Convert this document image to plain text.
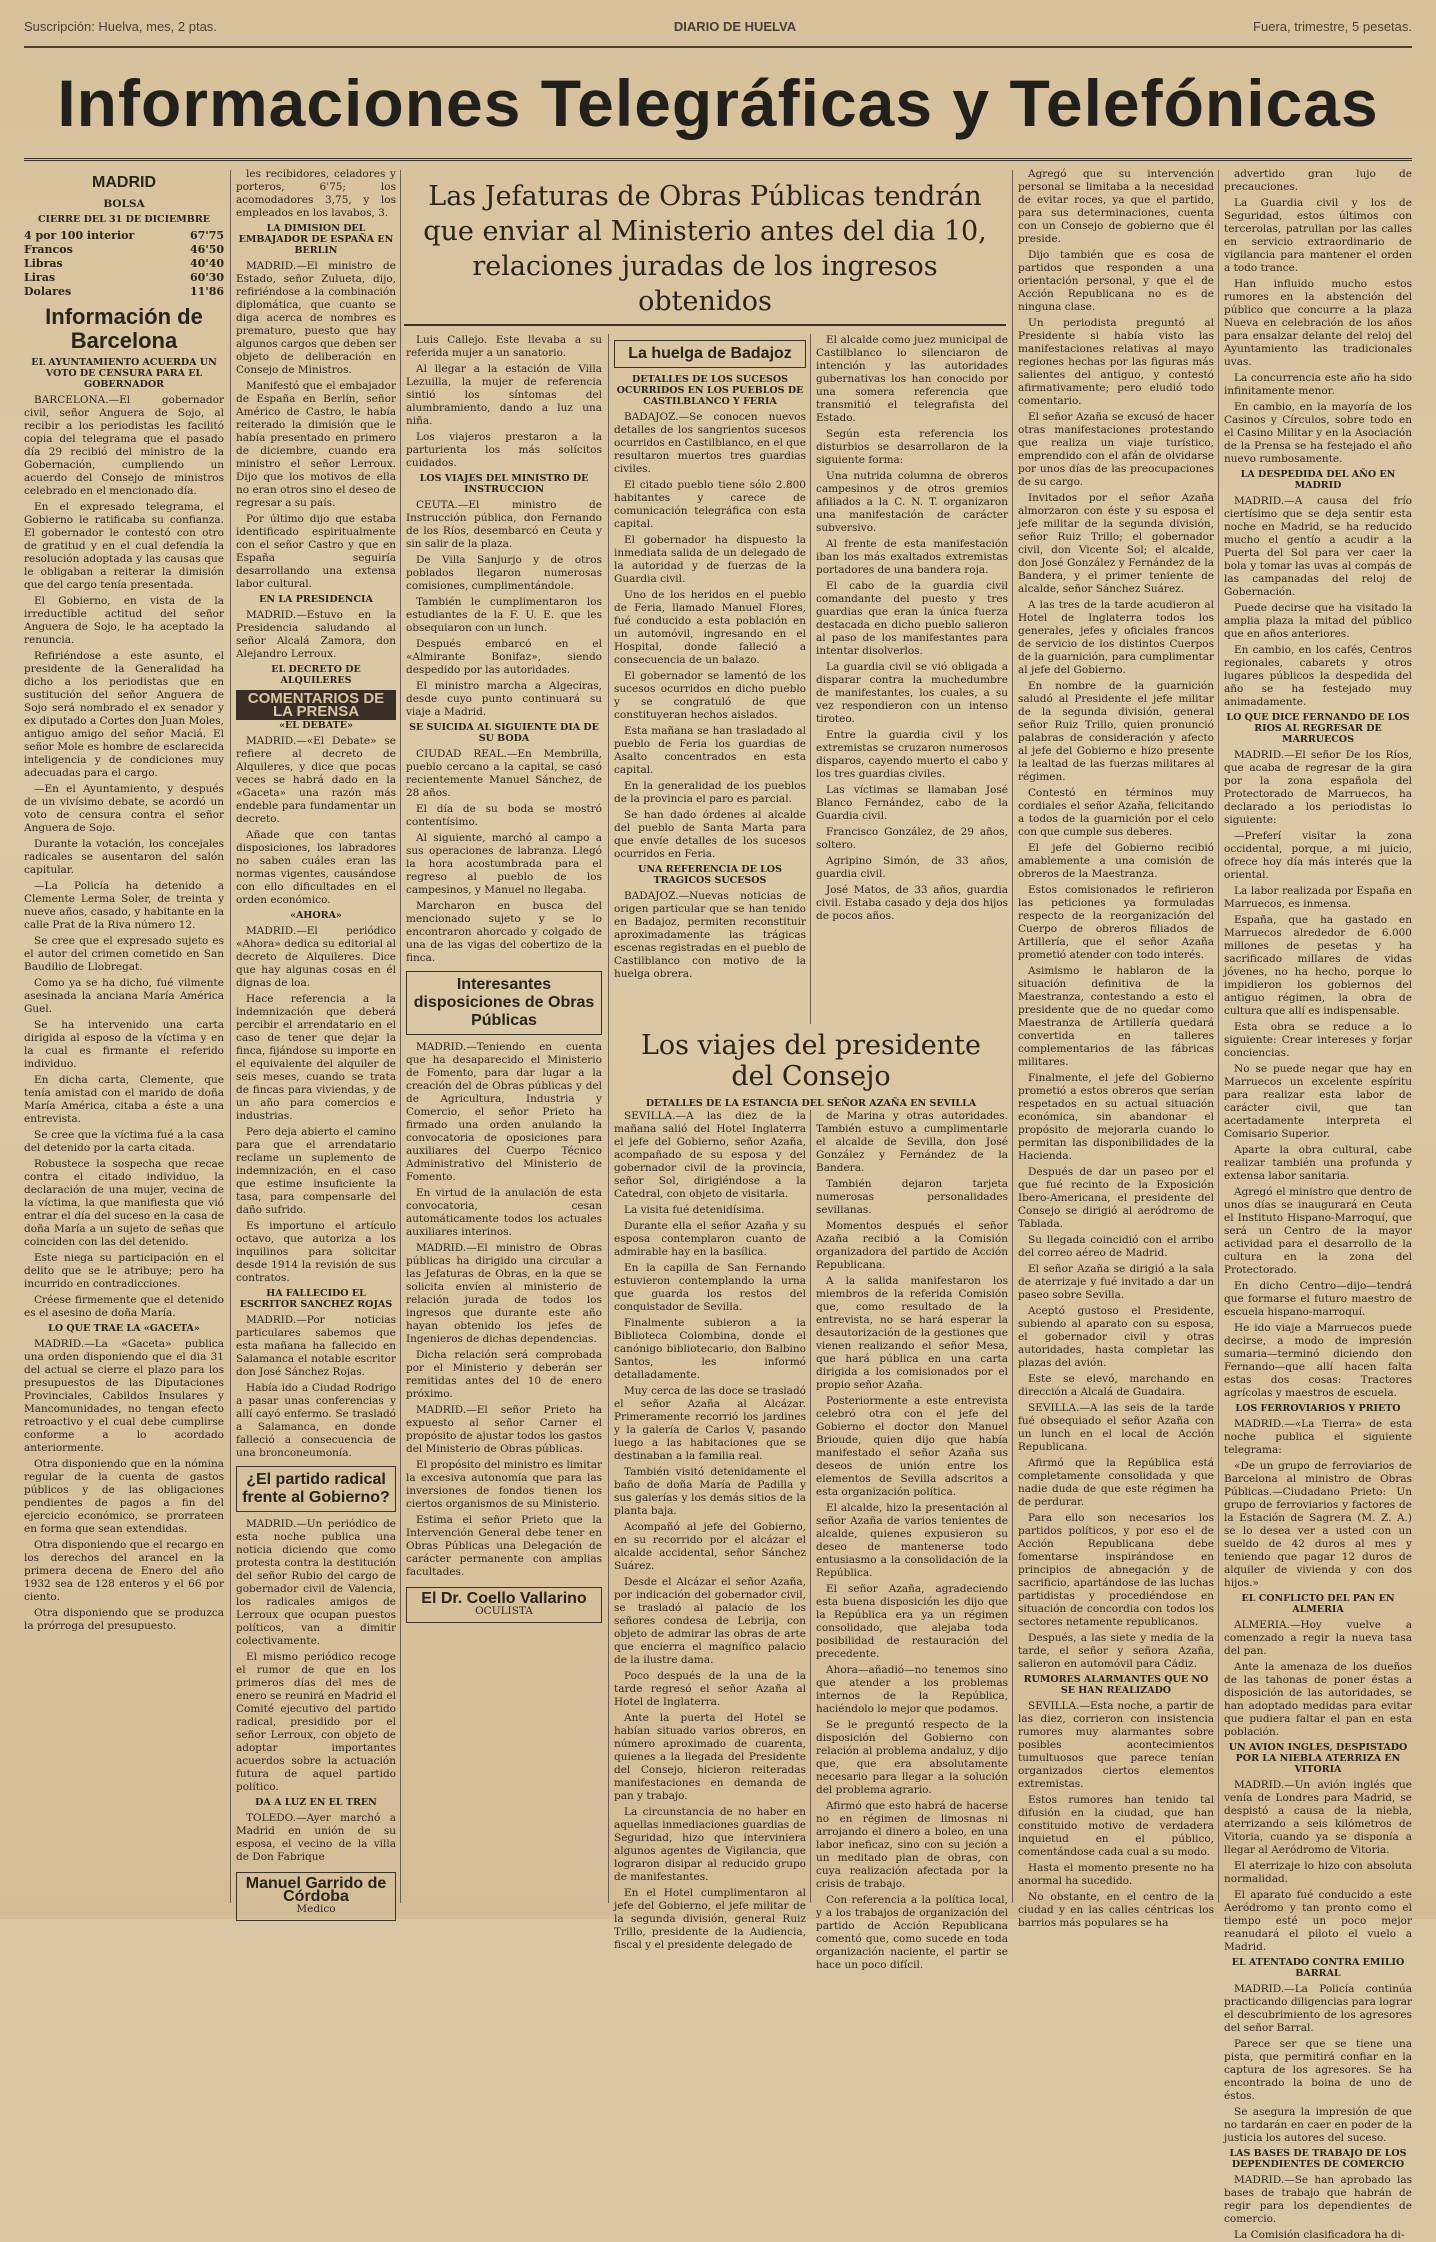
Suscripción: Huelva, mes, 2 ptas.	DIARIO DE HUELVA	Fuera, trimestre, 5 pesetas.
Informaciones Telegráficas y Telefónicas
MADRID
BOLSA
CIERRE DEL 31 DE DICIEMBRE
4 por 100 interior	67'75
Francos	46'50
Libras	40'40
Liras	60'30
Dolares	11'86
Información de Barcelona
EL AYUNTAMIENTO ACUERDA UN VOTO DE CENSURA PARA EL GOBERNADOR

BARCELONA.—El gobernador civil, señor Anguera de Sojo, al recibir a los periodistas les facilitó copia del telegrama que el pasado día 29 recibió del ministro de la Gobernación, cumpliendo un acuerdo del Consejo de ministros celebrado en el mencionado día.

En el expresado telegrama, el Gobierno le ratificaba su confianza. El gobernador le contestó con otro de gratitud y en el cual defendía la resolución adoptada y las causas que le obligaban a reiterar la dimisión que del cargo tenía presentada.

El Gobierno, en vista de la irreductible actitud del señor Anguera de Sojo, le ha aceptado la renuncia.

Refiriéndose a este asunto, el presidente de la Generalidad ha dicho a los periodistas que en sustitución del señor Anguera de Sojo será nombrado el ex senador y ex diputado a Cortes don Juan Moles, antiguo amigo del señor Maciá. El señor Mole es hombre de esclarecida inteligencia y de condiciones muy adecuadas para el cargo.

—En el Ayuntamiento, y después de un vivísimo debate, se acordó un voto de censura contra el señor Anguera de Sojo.

Durante la votación, los concejales radicales se ausentaron del salón capitular.

—La Policía ha detenido a Clemente Lerma Soler, de treinta y nueve años, casado, y habitante en la calle Prat de la Riva número 12.

Se cree que el expresado sujeto es el autor del crimen cometido en San Baudilio de Llobregat.

Como ya se ha dicho, fué vilmente asesinada la anciana María América Guel.

Se ha intervenido una carta dirigida al esposo de la víctima y en la cual es firmante el referido individuo.

En dicha carta, Clemente, que tenía amistad con el marido de doña María América, citaba a éste a una entrevista.

Se cree que la víctima fué a la casa del detenido por la carta citada.

Robustece la sospecha que recae contra el citado individuo, la declaración de una mujer, vecina de la víctima, la que manifiesta que vió entrar el día del suceso en la casa de doña María a un sujeto de señas que coinciden con las del detenido.

Este niega su participación en el delito que se le atribuye; pero ha incurrido en contradicciones.

Créese firmemente que el detenido es el asesino de doña María.

LO QUE TRAE LA «GACETA»

MADRID.—La «Gaceta» publica una orden disponiendo que el dia 31 del actual se cierre el plazo para los presupuestos de las Diputaciones Provinciales, Cabildos Insulares y Mancomunidades, no tengan efecto retroactivo y el cual debe cumplirse conforme a lo acordado anteriormente.

Otra disponiendo que en la nómina regular de la cuenta de gastos públicos y de las obligaciones pendientes de pagos a fin del ejercicio económico, se prorrateen en forma que sean extendidas.

Otra disponiendo que el recargo en los derechos del arancel en la primera decena de Enero del año 1932 sea de 128 enteros y el 66 por ciento.

Otra disponiendo que se produzca la prórroga del presupuesto.

les recibidores, celadores y porteros, 6'75; los acomodadores 3,75, y los empleados en los lavabos, 3.

LA DIMISION DEL EMBAJADOR DE ESPAÑA EN BERLIN

MADRID.—El ministro de Estado, señor Zulueta, dijo, refiriéndose a la combinación diplomática, que cuanto se diga acerca de nombres es prematuro, puesto que hay algunos cargos que deben ser objeto de deliberación en Consejo de Ministros.

Manifestó que el embajador de España en Berlín, señor Américo de Castro, le había reiterado la dimisión que le había presentado en primero de diciembre, cuando era ministro el señor Lerroux. Dijo que los motivos de ella no eran otros sino el deseo de regresar a su país.

Por último dijo que estaba identificado espiritualmente con el señor Castro y que en España seguiría desarrollando una extensa labor cultural.

EN LA PRESIDENCIA

MADRID.—Estuvo en la Presidencia saludando al señor Alcalá Zamora, don Alejandro Lerroux.

EL DECRETO DE ALQUILERES
COMENTARIOS DE LA PRENSA
«EL DEBATE»

MADRID.—«El Debate» se refiere al decreto de Alquileres, y dice que pocas veces se habrá dado en la «Gaceta» una razón más endeble para fundamentar un decreto.

Añade que con tantas disposiciones, los labradores no saben cuáles eran las normas vigentes, causándose con ello dificultades en el orden económico.

«AHORA»

MADRID.—El periódico «Ahora» dedica su editorial al decreto de Alquileres. Dice que hay algunas cosas en él dignas de loa.

Hace referencia a la indemnización que deberá percibir el arrendatario en el caso de tener que dejar la finca, fijándose su importe en el equivalente del alquiler de seis meses, cuando se trata de fincas para viviendas, y de un año para comercios e industrias.

Pero deja abierto el camino para que el arrendatario reclame un suplemento de indemnización, en el caso que estime insuficiente la tasa, para compensarle del daño sufrido.

Es importuno el artículo octavo, que autoriza a los inquilinos para solicitar desde 1914 la revisión de sus contratos.

HA FALLECIDO EL ESCRITOR SANCHEZ ROJAS

MADRID.—Por noticias particulares sabemos que esta mañana ha fallecido en Salamanca el notable escritor don José Sánchez Rojas.

Había ido a Ciudad Rodrigo a pasar unas conferencias y allí cayó enfermo. Se trasladó a Salamanca, en donde falleció a consecuencia de una bronconeumonía.

¿El partido radical frente al Gobierno?

MADRID.—Un periódico de esta noche publica una noticia diciendo que como protesta contra la destitución del señor Rubio del cargo de gobernador civil de Valencia, los radicales amigos de Lerroux que ocupan puestos políticos, van a dimitir colectivamente.

El mismo periódico recoge el rumor de que en los primeros días del mes de enero se reunirá en Madrid el Comité ejecutivo del partido radical, presidido por el señor Lerroux, con objeto de adoptar importantes acuerdos sobre la actuación futura de aquel partido político.

DA A LUZ EN EL TREN

TOLEDO.—Ayer marchó a Madrid en unión de su esposa, el vecino de la villa de Don Fabrique

Manuel Garrido de Córdoba
Medico
Las Jefaturas de Obras Públicas tendrán que enviar al Ministerio antes del dia 10, relaciones juradas de los ingresos obtenidos

Luis Callejo. Este llevaba a su referida mujer a un sanatorio.

Al llegar a la estación de Villa Lezuilla, la mujer de referencia sintió los síntomas del alumbramiento, dando a luz una niña.

Los viajeros prestaron a la parturienta los más solícitos cuidados.

LOS VIAJES DEL MINISTRO DE INSTRUCCION

CEUTA.—El ministro de Instrucción pública, don Fernando de los Ríos, desembarcó en Ceuta y sin salir de la plaza.

De Villa Sanjurjo y de otros poblados llegaron numerosas comisiones, cumplimentándole.

También le cumplimentaron los estudiantes de la F. U. E. que les obsequiaron con un lunch.

Después embarcó en el «Almirante Bonifaz», siendo despedido por las autoridades.

El ministro marcha a Algeciras, desde cuyo punto continuará su viaje a Madrid.

SE SUICIDA AL SIGUIENTE DIA DE SU BODA

CIUDAD REAL.—En Membrilla, pueblo cercano a la capital, se casó recientemente Manuel Sánchez, de 28 años.

El día de su boda se mostró contentísimo.

Al siguiente, marchó al campo a sus operaciones de labranza. Llegó la hora acostumbrada para el regreso al pueblo de los campesinos, y Manuel no llegaba.

Marcharon en busca del mencionado sujeto y se lo encontraron ahorcado y colgado de una de las vigas del cobertizo de la finca.

Interesantes disposiciones de Obras Públicas

MADRID.—Teniendo en cuenta que ha desaparecido el Ministerio de Fomento, para dar lugar a la creación del de Obras públicas y del de Agricultura, Industria y Comercio, el señor Prieto ha firmado una orden anulando la convocatoria de oposiciones para auxiliares del Cuerpo Técnico Administrativo del Ministerio de Fomento.

En virtud de la anulación de esta convocatoria, cesan automáticamente todos los actuales auxiliares interinos.

MADRID.—El ministro de Obras públicas ha dirigido una circular a las Jefaturas de Obras, en la que se solicita envíen al ministerio de relación jurada de todos los ingresos que durante este año hayan obtenido los jefes de Ingenieros de dichas dependencias.

Dicha relación será comprobada por el Ministerio y deberán ser remitidas antes del 10 de enero próximo.

MADRID.—El señor Prieto ha expuesto al señor Carner el propósito de ajustar todos los gastos del Ministerio de Obras públicas.

El propósito del ministro es limitar la excesiva autonomía que para las inversiones de fondos tienen los ciertos organismos de su Ministerio.

Estima el señor Prieto que la Intervención General debe tener en Obras Públicas una Delegación de carácter permanente con amplias facultades.

El Dr. Coello Vallarino
OCULISTA
La huelga de Badajoz
DETALLES DE LOS SUCESOS OCURRIDOS EN LOS PUEBLOS DE CASTILBLANCO Y FERIA

BADAJOZ.—Se conocen nuevos detalles de los sangrientos sucesos ocurridos en Castilblanco, en el que resultaron muertos tres guardias civiles.

El citado pueblo tiene sólo 2.800 habitantes y carece de comunicación telegráfica con esta capital.

El gobernador ha dispuesto la inmediata salida de un delegado de la autoridad y de fuerzas de la Guardia civil.

Uno de los heridos en el pueblo de Feria, llamado Manuel Flores, fué conducido a esta población en un automóvil, ingresando en el Hospital, donde falleció a consecuencia de un balazo.

El gobernador se lamentó de los sucesos ocurridos en dicho pueblo y se congratuló de que constituyeran hechos aislados.

Esta mañana se han trasladado al pueblo de Feria los guardias de Asalto concentrados en esta capital.

En la generalidad de los pueblos de la provincia el paro es parcial.

Se han dado órdenes al alcalde del pueblo de Santa Marta para que envíe detalles de los sucesos ocurridos en Feria.

UNA REFERENCIA DE LOS TRAGICOS SUCESOS

BADAJOZ.—Nuevas noticias de origen particular que se han tenido en Badajoz, permiten reconstituir aproximadamente las trágicas escenas registradas en el pueblo de Castilblanco con motivo de la huelga obrera.

El alcalde como juez municipal de Castilblanco lo silenciaron de intención y las autoridades gubernativas los han conocido por una somera referencia que transmitió el telegrafista del Estado.

Según esta referencia los disturbios se desarrollaron de la siguiente forma:

Una nutrida columna de obreros campesinos y de otros gremios afiliados a la C. N. T. organizaron una manifestación de carácter subversivo.

Al frente de esta manifestación iban los más exaltados extremistas portadores de una bandera roja.

El cabo de la guardia civil comandante del puesto y tres guardias que eran la única fuerza destacada en dicho pueblo salieron al paso de los manifestantes para intentar disolverlos.

La guardia civil se vió obligada a disparar contra la muchedumbre de manifestantes, los cuales, a su vez respondieron con un intenso tiroteo.

Entre la guardia civil y los extremistas se cruzaron numerosos disparos, cayendo muerto el cabo y los tres guardias civiles.

Las víctimas se llamaban José Blanco Fernández, cabo de la Guardia civil.

Francisco González, de 29 años, soltero.

Agripino Simón, de 33 años, guardia civil.

José Matos, de 33 años, guardia civil. Estaba casado y deja dos hijos de pocos años.

Los viajes del presidente del Consejo
DETALLES DE LA ESTANCIA DEL SEÑOR AZAÑA EN SEVILLA

SEVILLA.—A las diez de la mañana salió del Hotel Inglaterra el jefe del Gobierno, señor Azaña, acompañado de su esposa y del gobernador civil de la provincia, señor Sol, dirigiéndose a la Catedral, con objeto de visitarla.

La visita fué detenidísima.

Durante ella el señor Azaña y su esposa contemplaron cuanto de admirable hay en la basílica.

En la capilla de San Fernando estuvieron contemplando la urna que guarda los restos del conquistador de Sevilla.

Finalmente subieron a la Biblioteca Colombina, donde el canónigo bibliotecario, don Balbino Santos, les informó detalladamente.

Muy cerca de las doce se trasladó el señor Azaña al Alcázar. Primeramente recorrió los jardines y la galería de Carlos V, pasando luego a las habitaciones que se destinaban a la familia real.

También visitó detenidamente el baño de doña María de Padilla y sus galerías y los demás sitios de la planta baja.

Acompañó al jefe del Gobierno, en su recorrido por el alcázar el alcalde accidental, señor Sánchez Suárez.

Desde el Alcázar el señor Azaña, por indicación del gobernador civil, se trasladó al palacio de los señores condesa de Lebrija, con objeto de admirar las obras de arte que encierra el magnífico palacio de la ilustre dama.

Poco después de la una de la tarde regresó el señor Azaña al Hotel de Inglaterra.

Ante la puerta del Hotel se habían situado varios obreros, en número aproximado de cuarenta, quienes a la llegada del Presidente del Consejo, hicieron reiteradas manifestaciones en demanda de pan y trabajo.

La circunstancia de no haber en aquellas inmediaciones guardias de Seguridad, hizo que interviniera algunos agentes de Vigilancia, que lograron disipar al reducido grupo de manifestantes.

En el Hotel cumplimentaron al jefe del Gobierno, el jefe militar de la segunda división, general Ruiz Trillo, presidente de la Audiencia, fiscal y el presidente delegado de

de Marina y otras autoridades. También estuvo a cumplimentarle el alcalde de Sevilla, don José González y Fernández de la Bandera.

También dejaron tarjeta numerosas personalidades sevillanas.

Momentos después el señor Azaña recibió a la Comisión organizadora del partido de Acción Republicana.

A la salida manifestaron los miembros de la referida Comisión que, como resultado de la entrevista, no se hará esperar la desautorización de la gestiones que vienen realizando el señor Mesa, que hará pública en una carta dirigida a los comisionados por el propio señor Azaña.

Posteriormente a este entrevista celebró otra con el jefe del Gobierno el doctor don Manuel Brioude, quien dijo que había manifestado el señor Azaña sus deseos de unión entre los elementos de Sevilla adscritos a esta organización política.

El alcalde, hizo la presentación al señor Azaña de varios tenientes de alcalde, quienes expusieron su deseo de mantenerse todo entusiasmo a la consolidación de la República.

El señor Azaña, agradeciendo esta buena disposición les dijo que la República era ya un régimen consolidado, que alejaba toda posibilidad de restauración del precedente.

Ahora—añadió—no tenemos sino que atender a los problemas internos de la República, haciéndolo lo mejor que podamos.

Se le preguntó respecto de la disposición del Gobierno con relación al problema andaluz, y dijo que, que era absolutamente necesario para llegar a la solución del problema agrario.

Afirmó que esto habrá de hacerse no en régimen de limosnas ni arrojando el dinero a boleo, en una labor ineficaz, sino con su jeción a un meditado plan de obras, con cuya realización afectada por la crisis de trabajo.

Con referencia a la política local, y a los trabajos de organización del partido de Acción Republicana comentó que, como sucede en toda organización naciente, el partir se hace un poco difícil.

Agregó que su intervención personal se limitaba a la necesidad de evitar roces, ya que el partido, para sus determinaciones, cuenta con un Consejo de gobierno que él preside.

Dijo también que es cosa de partidos que responden a una orientación personal, y que el de Acción Republicana no es de ninguna clase.

Un periodista preguntó al Presidente si había visto las manifestaciones relativas al mayo regiones hechas por las figuras más salientes del antiguo, y contestó afirmativamente; pero eludió todo comentario.

El señor Azaña se excusó de hacer otras manifestaciones protestando que realiza un viaje turístico, emprendido con el afán de olvidarse por unos días de las preocupaciones de su cargo.

Invitados por el señor Azaña almorzaron con éste y su esposa el jefe militar de la segunda división, señor Ruiz Trillo; el gobernador civil, don Vicente Sol; el alcalde, don José González y Fernández de la Bandera, y el primer teniente de alcalde, señor Sánchez Suárez.

A las tres de la tarde acudieron al Hotel de Inglaterra todos los generales, jefes y oficiales francos de servicio de los distintos Cuerpos de la guarnición, para cumplimentar al jefe del Gobierno.

En nombre de la guarnición saludó al Presidente el jefe militar de la segunda división, general señor Ruiz Trillo, quien pronunció palabras de consideración y afecto al jefe del Gobierno e hizo presente la lealtad de las fuerzas militares al régimen.

Contestó en términos muy cordiales el señor Azaña, felicitando a todos de la guarnición por el celo con que cumple sus deberes.

El jefe del Gobierno recibió amablemente a una comisión de obreros de la Maestranza.

Estos comisionados le refirieron las peticiones ya formuladas respecto de la reorganización del Cuerpo de obreros filiados de Artillería, que el señor Azaña prometió atender con todo interés.

Asimismo le hablaron de la situación definitiva de la Maestranza, contestando a esto el presidente que de no quedar como Maestranza de Artillería quedará convertida en talleres complementarios de las fábricas militares.

Finalmente, el jefe del Gobierno prometió a estos obreros que serían respetados en su actual situación económica, sin abandonar el propósito de mejorarla cuando lo permitan las disponibilidades de la Hacienda.

Después de dar un paseo por el que fué recinto de la Exposición Ibero-Americana, el presidente del Consejo se dirigió al aeródromo de Tablada.

Su llegada coincidió con el arribo del correo aéreo de Madrid.

El señor Azaña se dirigió a la sala de aterrizaje y fué invitado a dar un paseo sobre Sevilla.

Aceptó gustoso el Presidente, subiendo al aparato con su esposa, el gobernador civil y otras autoridades, hasta completar las plazas del avión.

Este se elevó, marchando en dirección a Alcalá de Guadaira.

SEVILLA.—A las seis de la tarde fué obsequiado el señor Azaña con un lunch en el local de Acción Republicana.

Afirmó que la República está completamente consolidada y que nadie duda de que este régimen ha de perdurar.

Para ello son necesarios los partidos políticos, y por eso el de Acción Republicana debe fomentarse inspirándose en principios de abnegación y de sacrificio, apartándose de las luchas partidistas y procediéndose en situación de concordia con todos los sectores netamente republicanos.

Después, a las siete y media de la tarde, el señor y señora Azaña, salieron en automóvil para Cádiz.

RUMORES ALARMANTES QUE NO SE HAN REALIZADO

SEVILLA.—Esta noche, a partir de las diez, corrieron con insistencia rumores muy alarmantes sobre posibles acontecimientos tumultuosos que parece tenían organizados ciertos elementos extremistas.

Estos rumores han tenido tal difusión en la ciudad, que han constituido motivo de verdadera inquietud en el público, comentándose cada cual a su modo.

Hasta el momento presente no ha anormal ha sucedido.

No obstante, en el centro de la ciudad y en las calles céntricas los barrios más populares se ha

advertido gran lujo de precauciones.

La Guardia civil y los de Seguridad, estos últimos con tercerolas, patrullan por las calles en servicio extraordinario de vigilancia para mantener el orden a todo trance.

Han influido mucho estos rumores en la abstención del público que concurre a la plaza Nueva en celebración de los años para ensalzar delante del reloj del Ayuntamiento las tradicionales uvas.

La concurrencia este año ha sido infinitamente menor.

En cambio, en la mayoría de los Casinos y Círculos, sobre todo en el Casino Militar y en la Asociación de la Prensa se ha festejado el año nuevo rumbosamente.

LA DESPEDIDA DEL AÑO EN MADRID

MADRID.—A causa del frío ciertísimo que se deja sentir esta noche en Madrid, se ha reducido mucho el gentío a acudir a la Puerta del Sol para ver caer la bola y tomar las uvas al compás de las campanadas del reloj de Gobernación.

Puede decirse que ha visitado la amplia plaza la mitad del público que en años anteriores.

En cambio, en los cafés, Centros regionales, cabarets y otros lugares públicos la despedida del año se ha festejado muy animadamente.

LO QUE DICE FERNANDO DE LOS RIOS AL REGRESAR DE MARRUECOS

MADRID.—El señor De los Ríos, que acaba de regresar de la gira por la zona española del Protectorado de Marruecos, ha declarado a los periodistas lo siguiente:

—Preferí visitar la zona occidental, porque, a mi juicio, ofrece hoy día más interés que la oriental.

La labor realizada por España en Marruecos, es inmensa.

España, que ha gastado en Marruecos alrededor de 6.000 millones de pesetas y ha sacrificado millares de vidas jóvenes, no ha hecho, porque lo impidieron los gobiernos del antiguo régimen, la obra de cultura que allí es indispensable.

Esta obra se reduce a lo siguiente: Crear intereses y forjar conciencias.

No se puede negar que hay en Marruecos un excelente espíritu para realizar esta labor de carácter civil, que tan acertadamente interpreta el Comisario Superior.

Aparte la obra cultural, cabe realizar también una profunda y extensa labor sanitaria.

Agregó el ministro que dentro de unos días se inaugurará en Ceuta el Instituto Hispano-Marroquí, que será un Centro de la mayor actividad para el desarrollo de la cultura en la zona del Protectorado.

En dicho Centro—dijo—tendrá que formarse el futuro maestro de escuela hispano-marroquí.

He ido viaje a Marruecos puede decirse, a modo de impresión sumaria—terminó diciendo don Fernando—que allí hacen falta estas dos cosas: Tractores agrícolas y maestros de escuela.

LOS FERROVIARIOS Y PRIETO

MADRID.—«La Tierra» de esta noche publica el siguiente telegrama:

«De un grupo de ferroviarios de Barcelona al ministro de Obras Públicas.—Ciudadano Prieto: Un grupo de ferroviarios y factores de la Estación de Sagrera (M. Z. A.) se lo desea ver a usted con un sueldo de 42 duros al mes y teniendo que pagar 12 duros de alquiler de vivienda y con dos hijos.»

EL CONFLICTO DEL PAN EN ALMERIA

ALMERIA.—Hoy vuelve a comenzado a regir la nueva tasa del pan.

Ante la amenaza de los dueños de las tahonas de poner éstas a disposición de las autoridades, se han adoptado medidas para evitar que pudiera faltar el pan en esta población.

UN AVION INGLES, DESPISTADO POR LA NIEBLA ATERRIZA EN VITORIA

MADRID.—Un avión inglés que venía de Londres para Madrid, se despistó a causa de la niebla, aterrizando a seis kilómetros de Vitoria, cuando ya se disponía a llegar al Aeródromo de Vitoria.

El aterrizaje lo hizo con absoluta normalidad.

El aparato fué conducido a este Aeródromo y tan pronto como el tiempo esté un poco mejor reanudará el piloto el vuelo a Madrid.

EL ATENTADO CONTRA EMILIO BARRAL

MADRID.—La Policía continúa practicando diligencias para lograr el descubrimiento de los agresores del señor Barral.

Parece ser que se tiene una pista, que permitirá confiar en la captura de los agresores. Se ha encontrado la boina de uno de éstos.

Se asegura la impresión de que no tardarán en caer en poder de la justicia los autores del suceso.

LAS BASES DE TRABAJO DE LOS DEPENDIENTES DE COMERCIO

MADRID.—Se han aprobado las bases de trabajo que habrán de regir para los dependientes de comercio.

La Comisión clasificadora ha di-
